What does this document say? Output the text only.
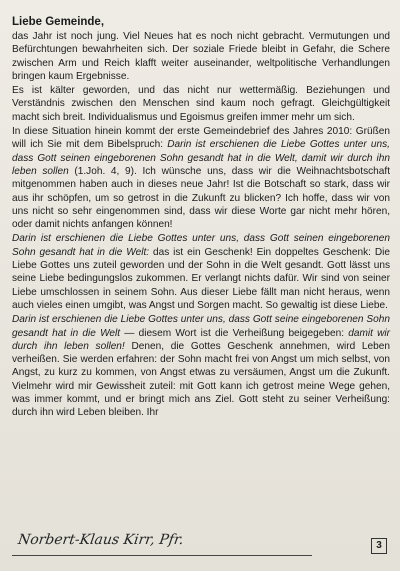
Liebe Gemeinde,

das Jahr ist noch jung. Viel Neues hat es noch nicht gebracht. Vermutungen und Befürchtungen bewahrheiten sich. Der soziale Friede bleibt in Gefahr, die Schere zwischen Arm und Reich klafft weiter auseinander, weltpolitische Verhandlungen bringen kaum Ergebnisse.

Es ist kälter geworden, und das nicht nur wettermäßig. Beziehungen und Verständnis zwischen den Menschen sind kaum noch gefragt. Gleichgültigkeit macht sich breit. Individualismus und Egoismus greifen immer mehr um sich.

In diese Situation hinein kommt der erste Gemeindebrief des Jahres 2010: Grüßen will ich Sie mit dem Bibelspruch: Darin ist erschienen die Liebe Gottes unter uns, dass Gott seinen eingeborenen Sohn gesandt hat in die Welt, damit wir durch ihn leben sollen (1.Joh. 4, 9). Ich wünsche uns, dass wir die Weihnachtsbotschaft mitgenommen haben auch in dieses neue Jahr! Ist die Botschaft so stark, dass wir aus ihr schöpfen, um so getrost in die Zukunft zu blicken? Ich hoffe, dass wir von uns nicht so sehr eingenommen sind, dass wir diese Worte gar nicht mehr hören, oder damit nichts anfangen können!

Darin ist erschienen die Liebe Gottes unter uns, dass Gott seinen eingeborenen Sohn gesandt hat in die Welt: das ist ein Geschenk! Ein doppeltes Geschenk: Die Liebe Gottes uns zuteil geworden und der Sohn in die Welt gesandt. Gott lässt uns seine Liebe bedingungslos zukommen. Er verlangt nichts dafür. Wir sind von seiner Liebe umschlossen in seinem Sohn. Aus dieser Liebe fällt man nicht heraus, wenn auch vieles einen umgibt, was Angst und Sorgen macht. So gewaltig ist diese Liebe.

Darin ist erschienen die Liebe Gottes unter uns, dass Gott seine eingeborenen Sohn gesandt hat in die Welt — diesem Wort ist die Verheißung beigegeben: damit wir durch ihn leben sollen! Denen, die Gottes Geschenk annehmen, wird Leben verheißen. Sie werden erfahren: der Sohn macht frei von Angst um mich selbst, von Angst, zu kurz zu kommen, von Angst etwas zu versäumen, Angst um die Zukunft. Vielmehr wird mir Gewissheit zuteil: mit Gott kann ich getrost meine Wege gehen, was immer kommt, und er bringt mich ans Ziel. Gott steht zu seiner Verheißung: durch ihn wird Leben bleiben. Ihr

Norbert-Klaus Kirr, Pfr.	3
